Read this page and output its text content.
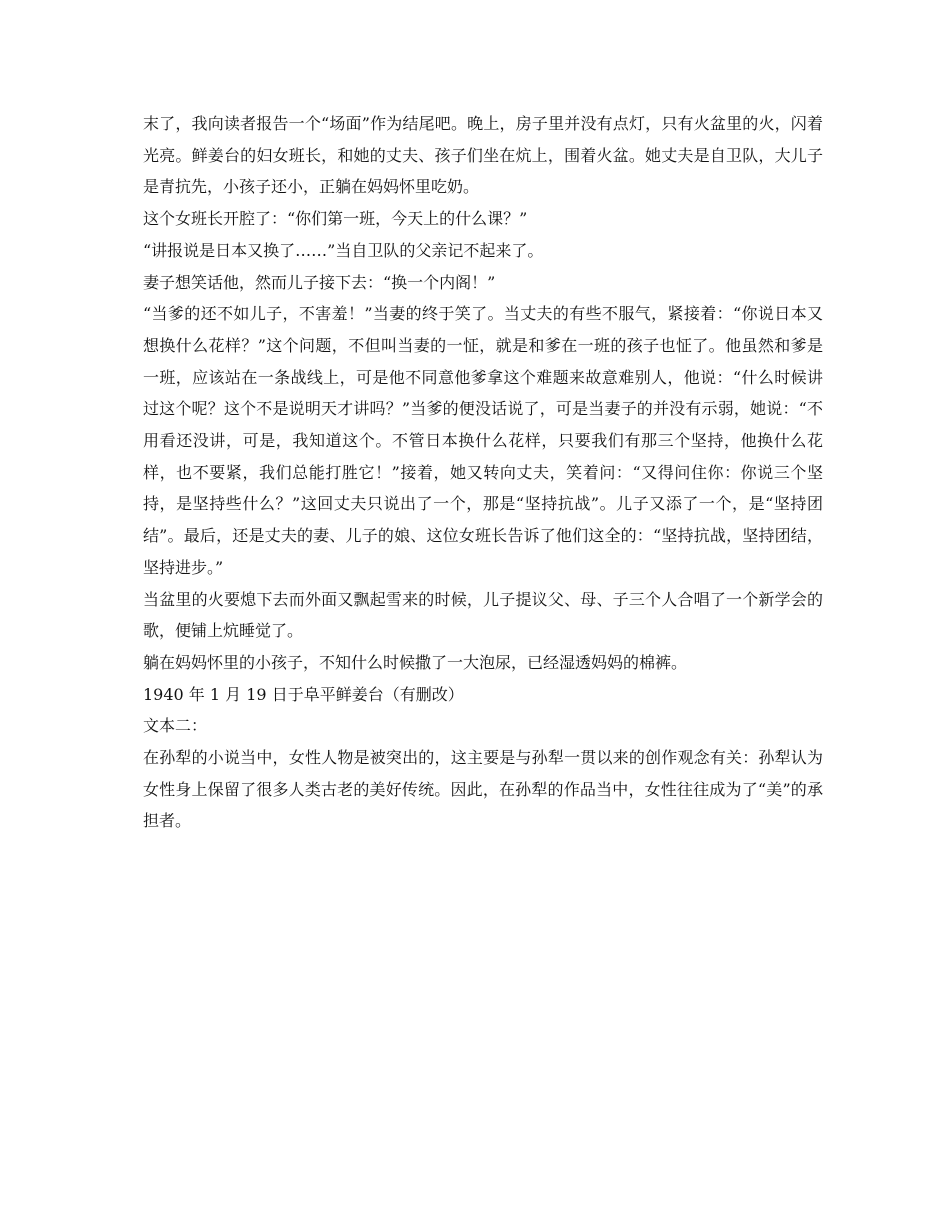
末了，我向读者报告一个“场面”作为结尾吧。晚上，房子里并没有点灯，只有火盆里的火，闪着光亮。鲜姜台的妇女班长，和她的丈夫、孩子们坐在炕上，围着火盆。她丈夫是自卫队，大儿子是青抗先，小孩子还小，正躺在妈妈怀里吃奶。

这个女班长开腔了：“你们第一班，今天上的什么课？”

“讲报说是日本又换了……”当自卫队的父亲记不起来了。

妻子想笑话他，然而儿子接下去：“换一个内阁！”

“当爹的还不如儿子，不害羞！”当妻的终于笑了。当丈夫的有些不服气，紧接着：“你说日本又想换什么花样？”这个问题，不但叫当妻的一怔，就是和爹在一班的孩子也怔了。他虽然和爹是一班，应该站在一条战线上，可是他不同意他爹拿这个难题来故意难别人，他说：“什么时候讲过这个呢？这个不是说明天才讲吗？”当爹的便没话说了，可是当妻子的并没有示弱，她说：“不用看还没讲，可是，我知道这个。不管日本换什么花样，只要我们有那三个坚持，他换什么花样，也不要紧，我们总能打胜它！”接着，她又转向丈夫，笑着问：“又得问住你：你说三个坚持，是坚持些什么？”这回丈夫只说出了一个，那是“坚持抗战”。儿子又添了一个，是“坚持团结”。最后，还是丈夫的妻、儿子的娘、这位女班长告诉了他们这全的：“坚持抗战，坚持团结，坚持进步。”

当盆里的火要熄下去而外面又飘起雪来的时候，儿子提议父、母、子三个人合唱了一个新学会的歌，便铺上炕睡觉了。

躺在妈妈怀里的小孩子，不知什么时候撒了一大泡尿，已经湿透妈妈的棉裤。

1940 年 1 月 19 日于阜平鲜姜台（有删改）

文本二：

在孙犁的小说当中，女性人物是被突出的，这主要是与孙犁一贯以来的创作观念有关：孙犁认为女性身上保留了很多人类古老的美好传统。因此，在孙犁的作品当中，女性往往成为了“美”的承担者。
